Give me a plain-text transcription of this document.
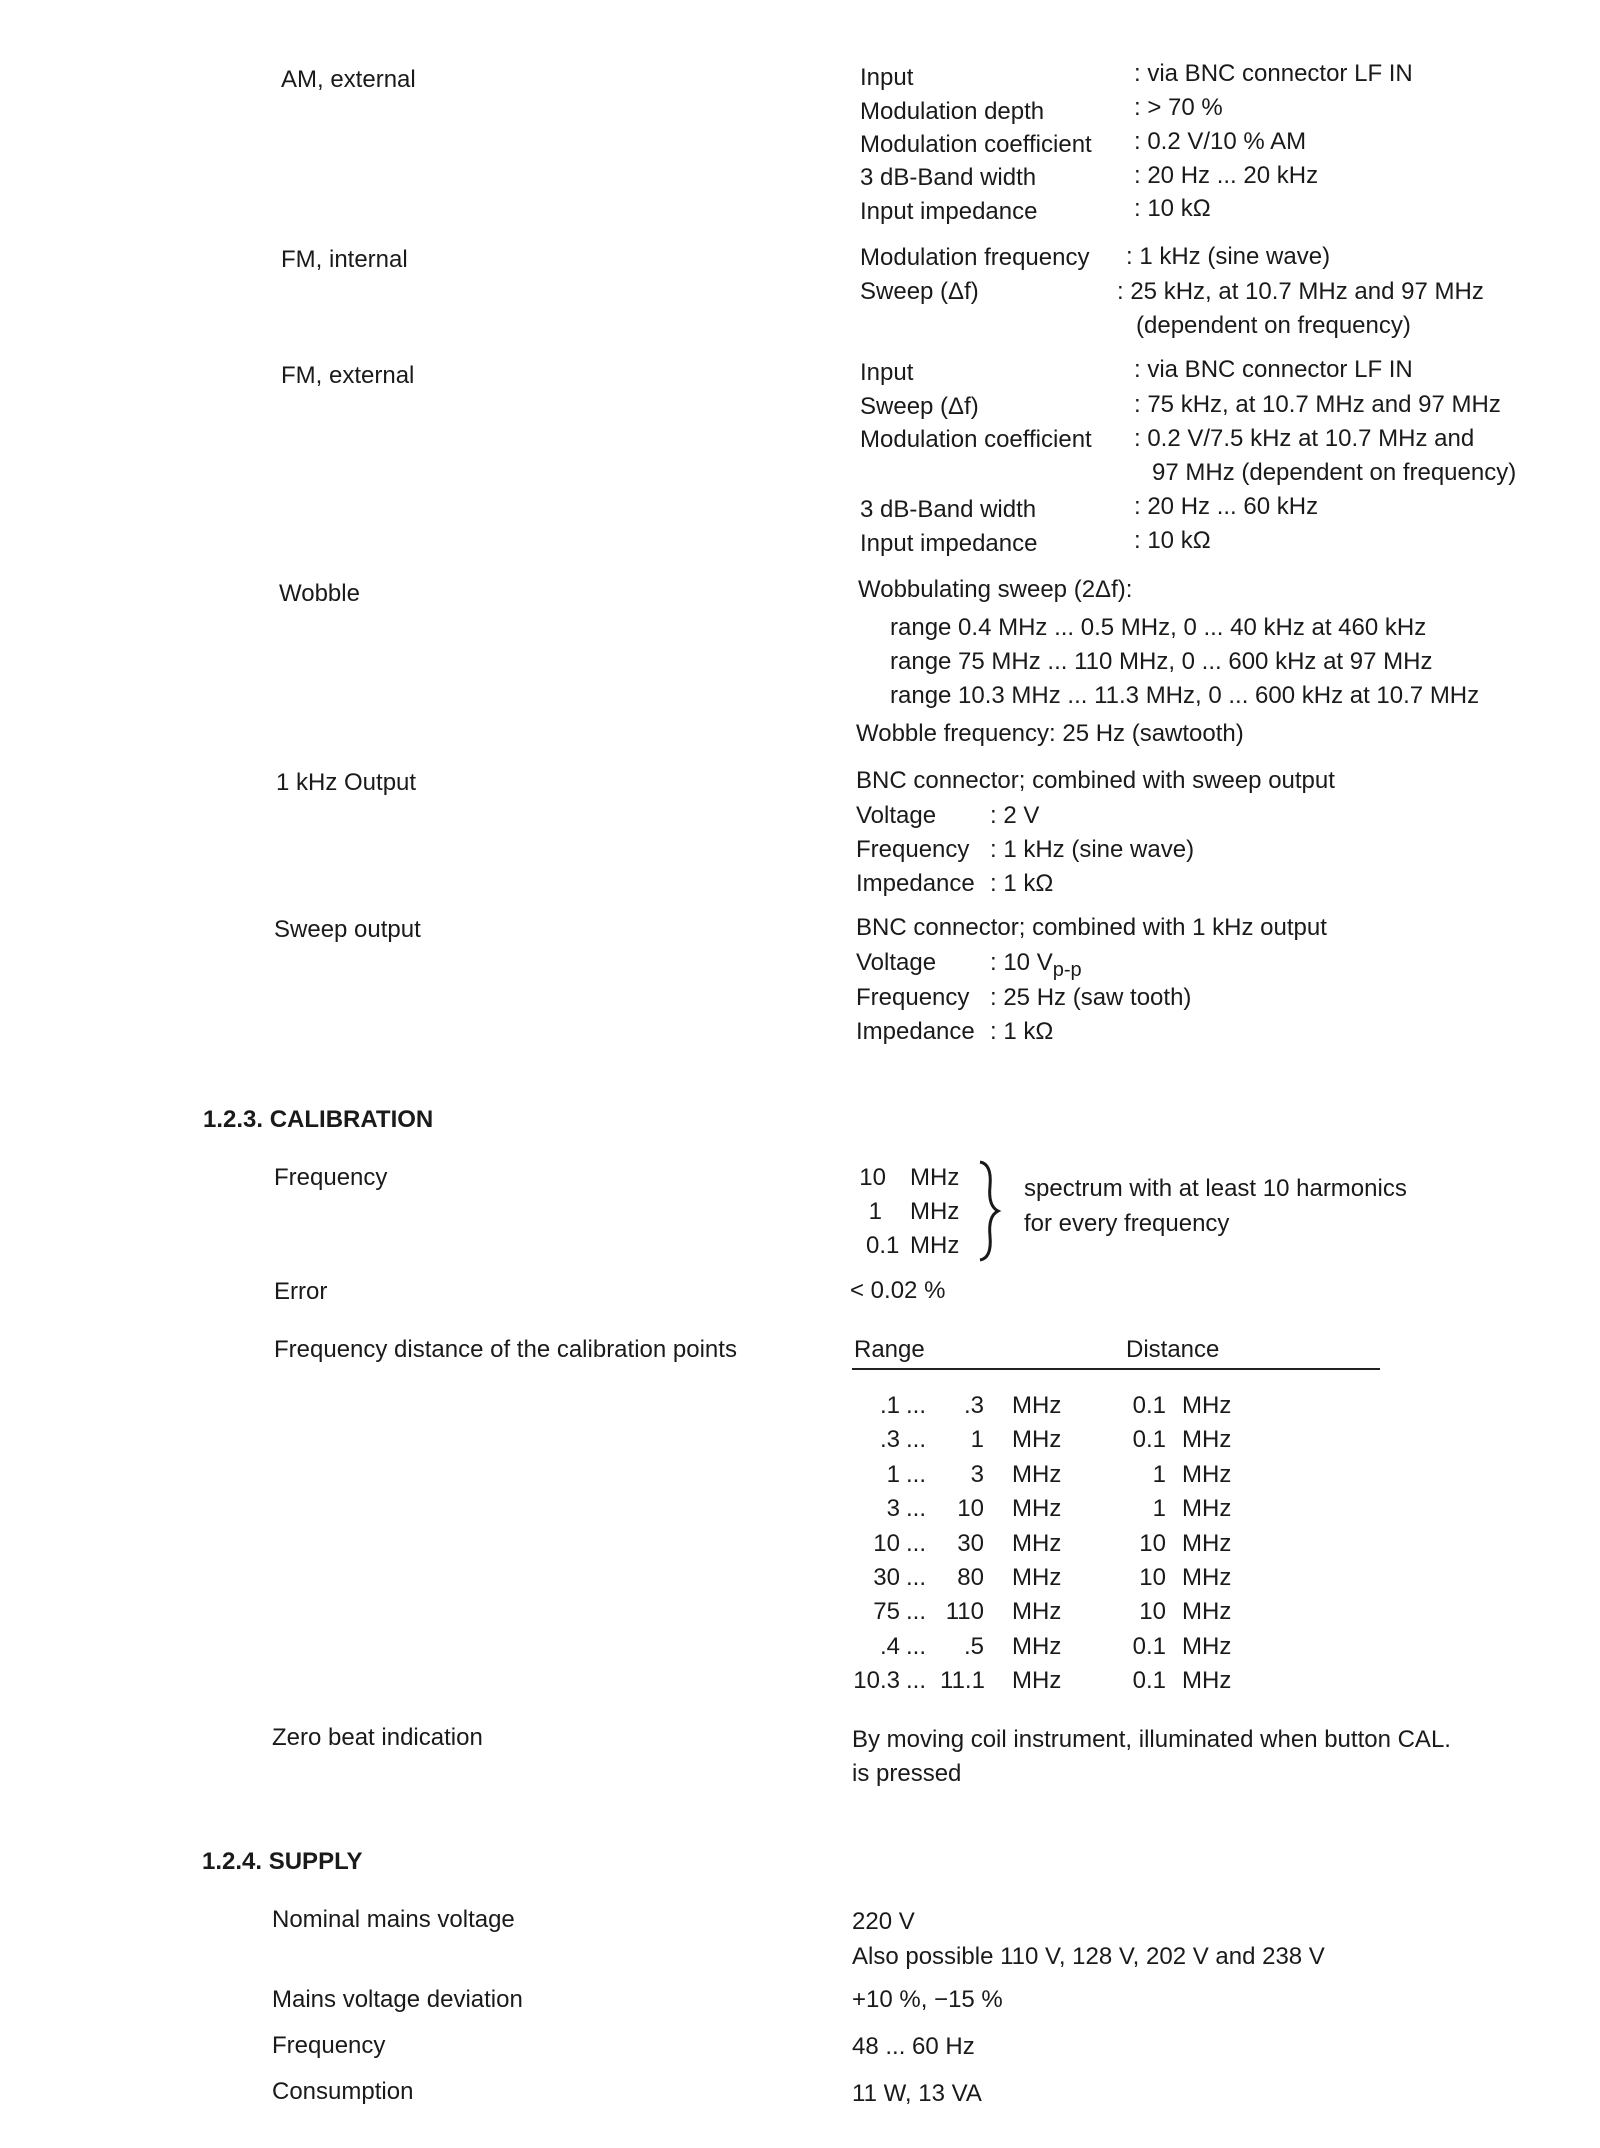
AM, external	Input	: via BNC connector LF IN
Modulation depth	: > 70 %
Modulation coefficient : 0.2 V/10 % AM
3 dB-Band width	: 20 Hz ... 20 kHz
Input impedance	: 10 kΩ
FM, internal	Modulation frequency : 1 kHz (sine wave)
Sweep (Δf)	: 25 kHz, at 10.7 MHz and 97 MHz
(dependent on frequency)
FM, external	Input	: via BNC connector LF IN
Sweep (Δf)	: 75 kHz, at 10.7 MHz and 97 MHz
Modulation coefficient : 0.2 V/7.5 kHz at 10.7 MHz and
97 MHz (dependent on frequency)
3 dB-Band width	: 20 Hz ... 60 kHz
Input impedance	: 10 kΩ
Wobble	Wobbulating sweep (2Δf):
range 0.4 MHz ... 0.5 MHz, 0 ... 40 kHz at 460 kHz
range 75 MHz ... 110 MHz, 0 ... 600 kHz at 97 MHz
range 10.3 MHz ... 11.3 MHz, 0 ... 600 kHz at 10.7 MHz
Wobble frequency: 25 Hz (sawtooth)
1 kHz Output	BNC connector; combined with sweep output
Voltage : 2 V
Frequency : 1 kHz (sine wave)
Impedance : 1 kΩ
Sweep output	BNC connector; combined with 1 kHz output
Voltage : 10 $V_{p-p}$
Frequency : 25 Hz (saw tooth)
Impedance : 1 kΩ
1.2.3. CALIBRATION
Frequency	10 MHz
1 MHz
0.1 MHz
spectrum with at least 10 harmonics
for every frequency
Error	< 0.02 %
Frequency distance of the calibration points	Range	Distance
.1 ...	.3 MHz	0.1 MHz
.3 ...	1 MHz	0.1 MHz
1 ...	3 MHz	1 MHz
3 ...	10 MHz	1 MHz
10 ...	30 MHz	10 MHz
30 ...	80 MHz	10 MHz
75 ... 110 MHz	10 MHz
.4 ...	.5 MHz	0.1 MHz
10.3 ... 11.1 MHz	0.1 MHz
Zero beat indication	By moving coil instrument, illuminated when button CAL.
is pressed
1.2.4. SUPPLY
Nominal mains voltage	220 V
Also possible 110 V, 128 V, 202 V and 238 V
Mains voltage deviation	+10 %, −15 %
Frequency	48 ... 60 Hz
Consumption	11 W, 13 VA
